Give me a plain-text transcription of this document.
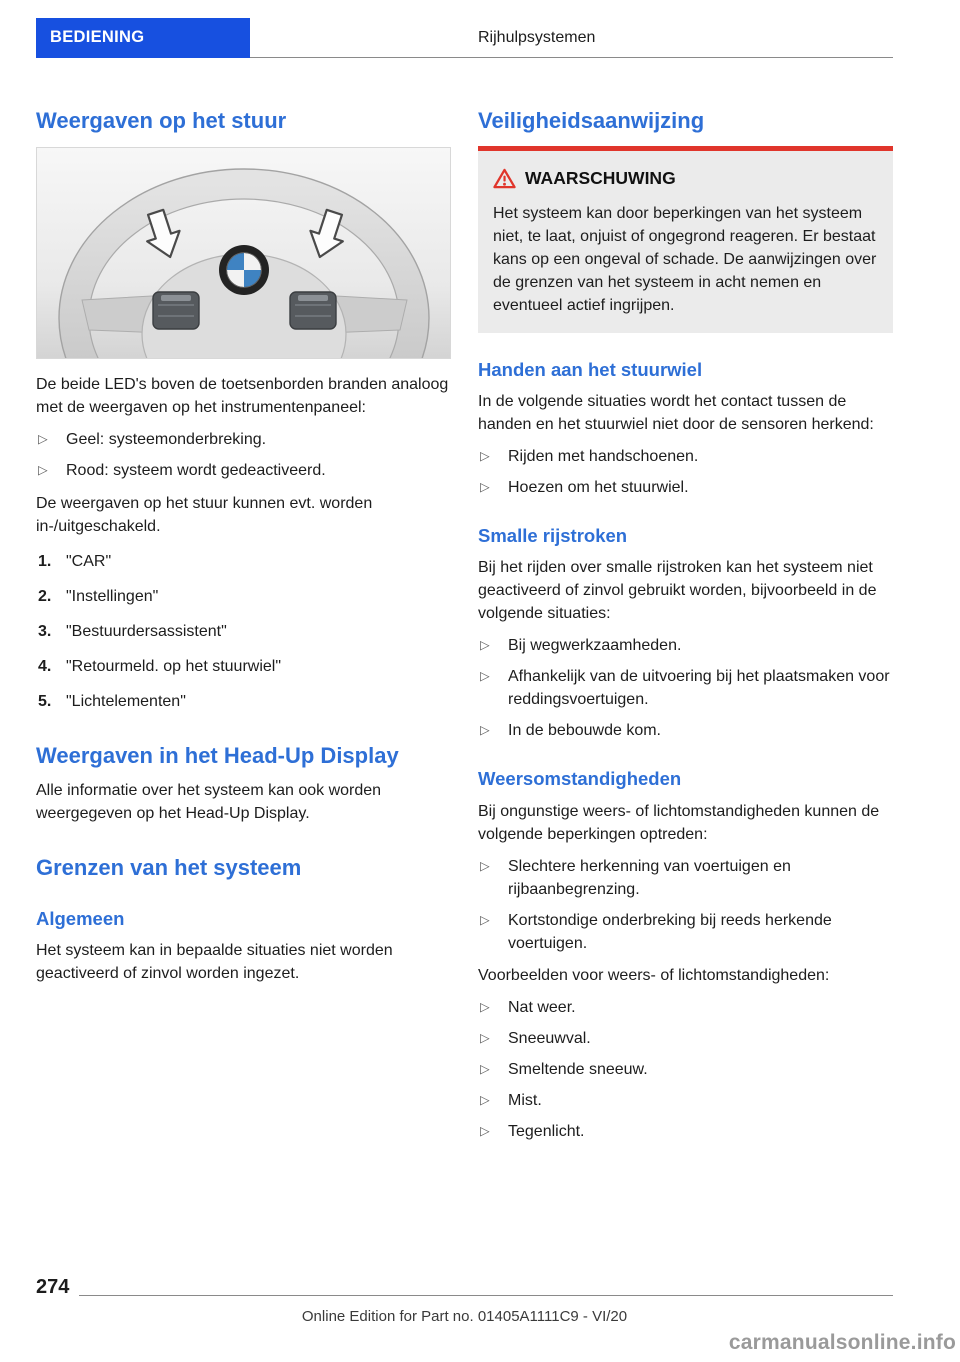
BEDIENING	Rijhulpsystemen
Weergaven op het stuur

De beide LED's boven de toetsenborden branden analoog met de weergaven op het instrumentenpaneel:

▷ Geel: systeemonderbreking.
▷ Rood: systeem wordt gedeactiveerd.

De weergaven op het stuur kunnen evt. worden in-/uitgeschakeld.

1. "CAR"
2. "Instellingen"
3. "Bestuurdersassistent"
4. "Retourmeld. op het stuurwiel"
5. "Lichtelementen"
Weergaven in het Head-Up Display

Alle informatie over het systeem kan ook worden weergegeven op het Head-Up Display.

Grenzen van het systeem
Algemeen

Het systeem kan in bepaalde situaties niet worden geactiveerd of zinvol worden ingezet.

Veiligheidsaanwijzing
WAARSCHUWING

Het systeem kan door beperkingen van het systeem niet, te laat, onjuist of ongegrond reageren. Er bestaat kans op een ongeval of schade. De aanwijzingen over de grenzen van het systeem in acht nemen en eventueel actief ingrijpen.

Handen aan het stuurwiel

In de volgende situaties wordt het contact tussen de handen en het stuurwiel niet door de sensoren herkend:

▷ Rijden met handschoenen.
▷ Hoezen om het stuurwiel.
Smalle rijstroken

Bij het rijden over smalle rijstroken kan het systeem niet geactiveerd of zinvol gebruikt worden, bijvoorbeeld in de volgende situaties:

▷ Bij wegwerkzaamheden.
▷ Afhankelijk van de uitvoering bij het plaatsmaken voor reddingsvoertuigen.
▷ In de bebouwde kom.
Weersomstandigheden

Bij ongunstige weers- of lichtomstandigheden kunnen de volgende beperkingen optreden:

▷ Slechtere herkenning van voertuigen en rijbaanbegrenzing.
▷ Kortstondige onderbreking bij reeds herkende voertuigen.

Voorbeelden voor weers- of lichtomstandigheden:

▷ Nat weer.
▷ Sneeuwval.
▷ Smeltende sneeuw.
▷ Mist.
▷ Tegenlicht.
274
Online Edition for Part no. 01405A1111C9 - VI/20
carmanualsonline.info
